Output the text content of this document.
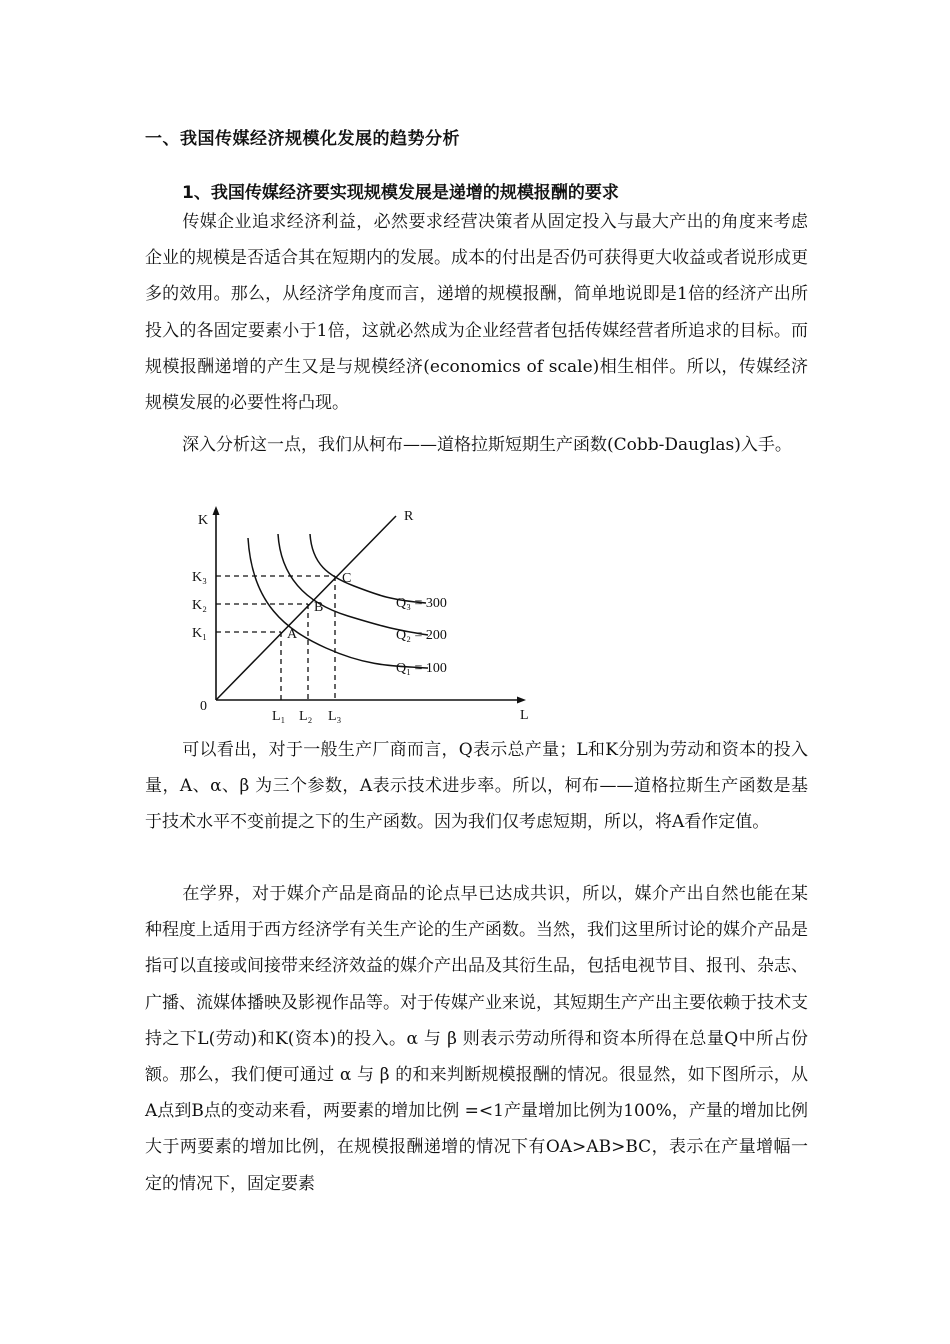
一、我国传媒经济规模化发展的趋势分析
1、我国传媒经济要实现规模发展是递增的规模报酬的要求

传媒企业追求经济利益，必然要求经营决策者从固定投入与最大产出的角度来考虑企业的规模是否适合其在短期内的发展。成本的付出是否仍可获得更大收益或者说形成更多的效用。那么，从经济学角度而言，递增的规模报酬，简单地说即是1倍的经济产出所投入的各固定要素小于1倍，这就必然成为企业经营者包括传媒经营者所追求的目标。而规模报酬递增的产生又是与规模经济(economics of scale)相生相伴。所以，传媒经济规模发展的必要性将凸现。

深入分析这一点，我们从柯布——道格拉斯短期生产函数(Cobb-Dauglas)入手。

K
L
0
R
K₃
K₂
K₁
L₁ L₂ L₃
A
B
C
Q₃ = 300
Q₂ = 200
Q₁ = 100

可以看出，对于一般生产厂商而言，Q表示总产量；L和K分别为劳动和资本的投入量，A、α、β 为三个参数，A表示技术进步率。所以，柯布——道格拉斯生产函数是基于技术水平不变前提之下的生产函数。因为我们仅考虑短期，所以，将A看作定值。

在学界，对于媒介产品是商品的论点早已达成共识，所以，媒介产出自然也能在某种程度上适用于西方经济学有关生产论的生产函数。当然，我们这里所讨论的媒介产品是指可以直接或间接带来经济效益的媒介产出品及其衍生品，包括电视节目、报刊、杂志、广播、流媒体播映及影视作品等。对于传媒产业来说，其短期生产产出主要依赖于技术支持之下L(劳动)和K(资本)的投入。α 与 β 则表示劳动所得和资本所得在总量Q中所占份额。那么，我们便可通过 α 与 β 的和来判断规模报酬的情况。很显然，如下图所示，从A点到B点的变动来看，两要素的增加比例 =<1产量增加比例为100%，产量的增加比例大于两要素的增加比例，在规模报酬递增的情况下有OA>AB>BC，表示在产量增幅一定的情况下，固定要素
